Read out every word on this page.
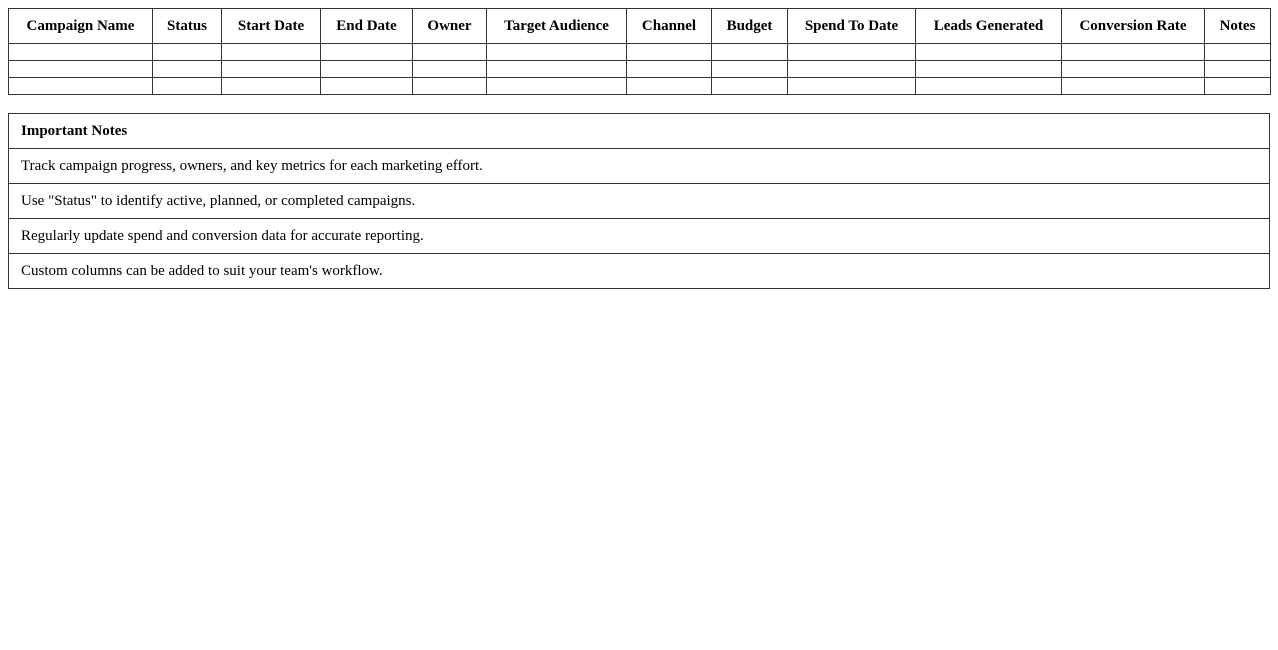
Campaign Name	Status	Start Date	End Date	Owner	Target Audience	Channel	Budget	Spend To Date	Leads Generated	Conversion Rate	Notes

Important Notes
Track campaign progress, owners, and key metrics for each marketing effort.
Use "Status" to identify active, planned, or completed campaigns.
Regularly update spend and conversion data for accurate reporting.
Custom columns can be added to suit your team's workflow.
